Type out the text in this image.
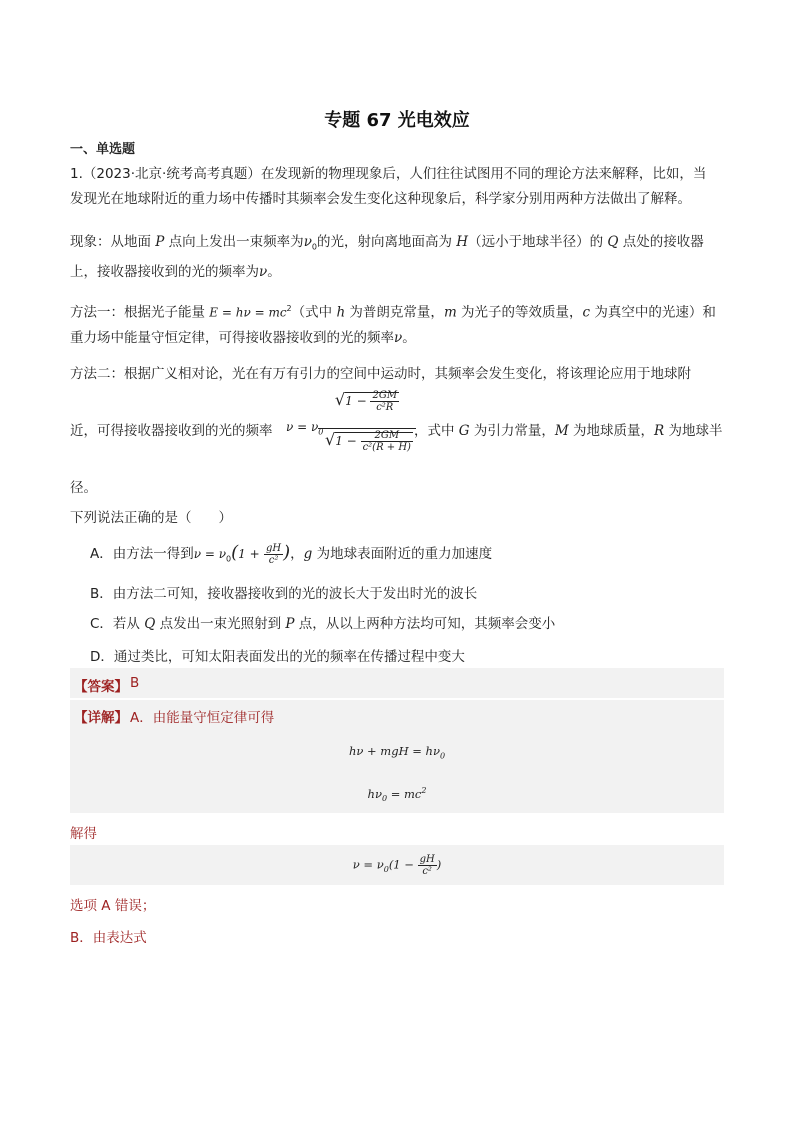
专题 67 光电效应
一、单选题
1.（2023·北京·统考高考真题）在发现新的物理现象后，人们往往试图用不同的理论方法来解释，比如，当
发现光在地球附近的重力场中传播时其频率会发生变化这种现象后，科学家分别用两种方法做出了解释。
现象：从地面 P 点向上发出一束频率为$\nu_0$的光，射向离地面高为 H（远小于地球半径）的 Q 点处的接收器
上，接收器接收到的光的频率为ν。
方法一：根据光子能量 $E = h\nu = mc^2$（式中 h 为普朗克常量，m 为光子的等效质量，c 为真空中的光速）和
重力场中能量守恒定律，可得接收器接收到的光的频率ν。
方法二：根据广义相对论，光在有万有引力的空间中运动时，其频率会发生变化，将该理论应用于地球附
近，可得接收器接收到的光的频率 $\nu = \nu_0$
$√1 - \frac{2GM}{\text{c²R}}$
$√1 - \frac{2GM}{\text{c²(R + H)}}$ ，式中 G 为引力常量，M 为地球质量，R 为地球半
径。
下列说法正确的是（　　）
A．由方法一得到$\nu = \nu_0(1 + \frac{gH}{\text{c²}}$ )，g 为地球表面附近的重力加速度
B．由方法二可知，接收器接收到的光的波长大于发出时光的波长
C．若从 Q 点发出一束光照射到 P 点，从以上两种方法均可知，其频率会变小
D．通过类比，可知太阳表面发出的光的频率在传播过程中变大
【答案】 B
【详解】 A．由能量守恒定律可得
hν + mgH = $h\nu_0$
$h\nu_0 = mc^2$
解得
$\nu = \nu_0(1 - \frac{gH}{\text{c²}}$ )
选项 A 错误；
B．由表达式
